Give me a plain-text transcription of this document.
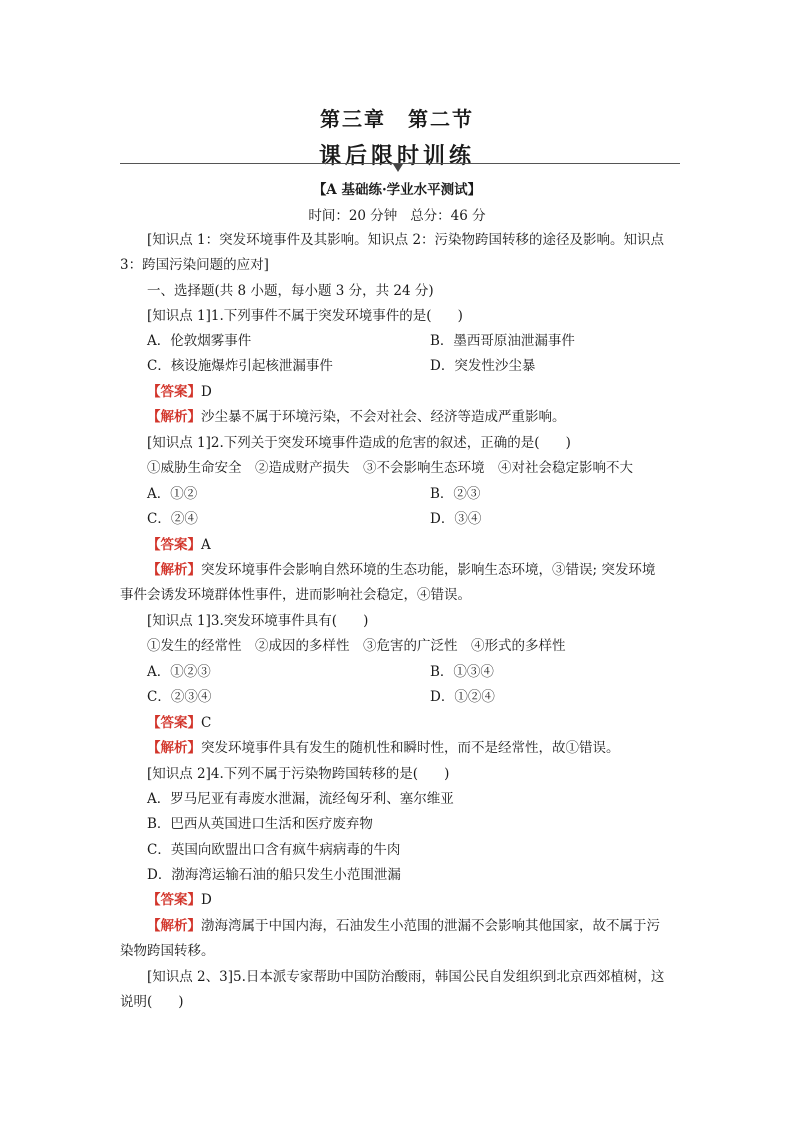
第三章 第二节
课后限时训练
【A 基础练·学业水平测试】
时间：20 分钟 总分：46 分
[知识点 1：突发环境事件及其影响。知识点 2：污染物跨国转移的途径及影响。知识点
3：跨国污染问题的应对]
一、选择题(共 8 小题，每小题 3 分，共 24 分)
[知识点 1]1.下列事件不属于突发环境事件的是( )
A．伦敦烟雾事件	B．墨西哥原油泄漏事件
C．核设施爆炸引起核泄漏事件	D．突发性沙尘暴
【答案】D
【解析】沙尘暴不属于环境污染，不会对社会、经济等造成严重影响。
[知识点 1]2.下列关于突发环境事件造成的危害的叙述，正确的是( )
①威胁生命安全　②造成财产损失　③不会影响生态环境　④对社会稳定影响不大
A．①②	B．②③
C．②④	D．③④
【答案】A
【解析】突发环境事件会影响自然环境的生态功能，影响生态环境，③错误; 突发环境
事件会诱发环境群体性事件，进而影响社会稳定，④错误。
[知识点 1]3.突发环境事件具有( )
①发生的经常性　②成因的多样性　③危害的广泛性　④形式的多样性
A．①②③	B．①③④
C．②③④	D．①②④
【答案】C
【解析】突发环境事件具有发生的随机性和瞬时性，而不是经常性，故①错误。
[知识点 2]4.下列不属于污染物跨国转移的是( )
A．罗马尼亚有毒废水泄漏，流经匈牙利、塞尔维亚
B．巴西从英国进口生活和医疗废弃物
C．英国向欧盟出口含有疯牛病病毒的牛肉
D．渤海湾运输石油的船只发生小范围泄漏
【答案】D
【解析】渤海湾属于中国内海，石油发生小范围的泄漏不会影响其他国家，故不属于污
染物跨国转移。
[知识点 2、3]5.日本派专家帮助中国防治酸雨，韩国公民自发组织到北京西郊植树，这
说明( )
